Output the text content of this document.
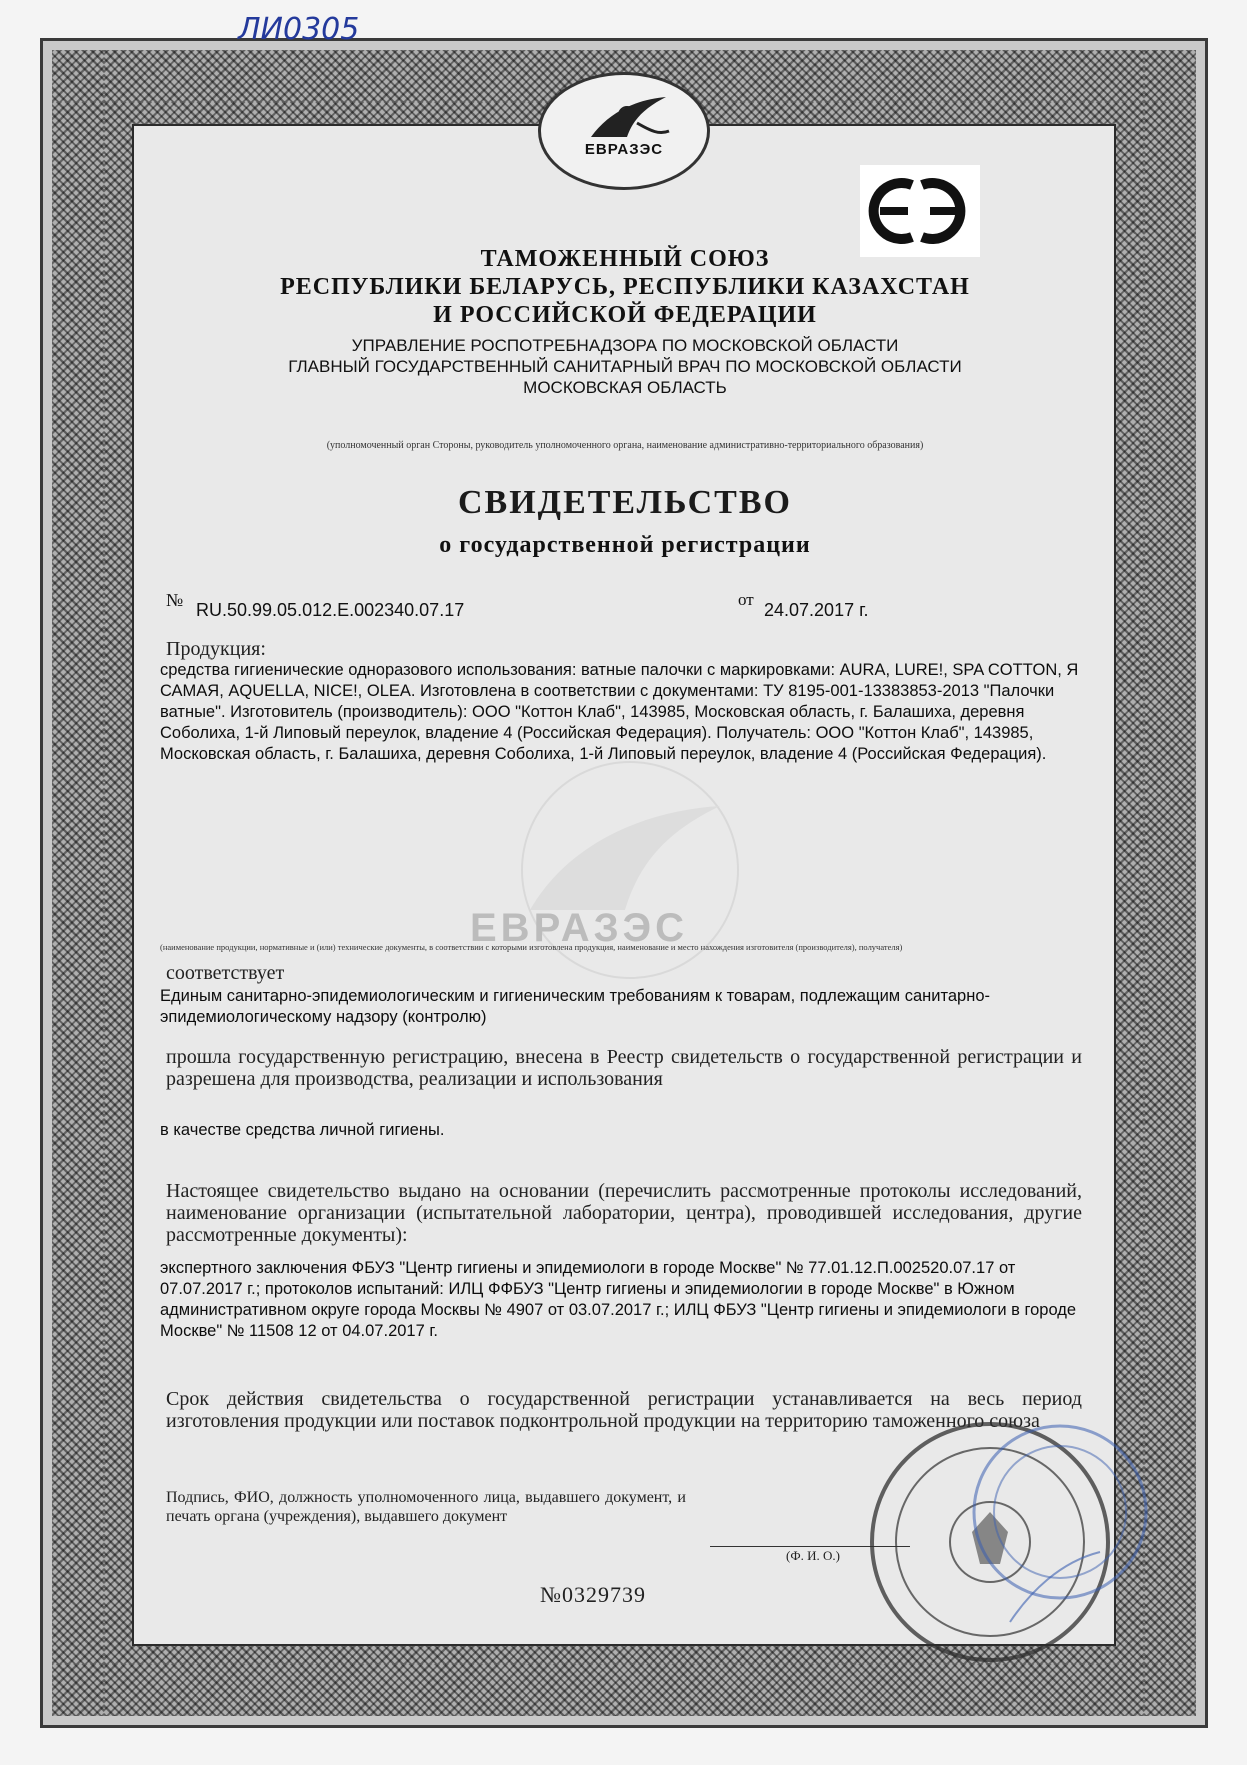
ЛИ0305
ЕВРАЗЭС
ЕВРАЗЭС
ТАМОЖЕННЫЙ СОЮЗ
РЕСПУБЛИКИ БЕЛАРУСЬ, РЕСПУБЛИКИ КАЗАХСТАН
И РОССИЙСКОЙ ФЕДЕРАЦИИ
УПРАВЛЕНИЕ РОСПОТРЕБНАДЗОРА ПО МОСКОВСКОЙ ОБЛАСТИ
ГЛАВНЫЙ ГОСУДАРСТВЕННЫЙ САНИТАРНЫЙ ВРАЧ ПО МОСКОВСКОЙ ОБЛАСТИ
МОСКОВСКАЯ ОБЛАСТЬ
(уполномоченный орган Стороны, руководитель уполномоченного органа, наименование административно-территориального образования)
СВИДЕТЕЛЬСТВО
о государственной регистрации
№ RU.50.99.05.012.E.002340.07.17
от
24.07.2017 г.
Продукция:
средства гигиенические одноразового использования: ватные палочки с маркировками: AURA, LURE!, SPA COTTON, Я САМАЯ, AQUELLA, NICE!, OLEA. Изготовлена в соответствии с документами: ТУ 8195-001-13383853-2013 "Палочки ватные". Изготовитель (производитель): ООО "Коттон Клаб", 143985, Московская область, г. Балашиха, деревня Соболиха, 1-й Липовый переулок, владение 4 (Российская Федерация). Получатель: ООО "Коттон Клаб", 143985, Московская область, г. Балашиха, деревня Соболиха, 1-й Липовый переулок, владение 4 (Российская Федерация).
(наименование продукции, нормативные и (или) технические документы, в соответствии с которыми изготовлена продукция, наименование и место нахождения изготовителя (производителя), получателя)
соответствует
Единым санитарно-эпидемиологическим и гигиеническим требованиям к товарам, подлежащим санитарно-эпидемиологическому надзору (контролю)
прошла государственную регистрацию, внесена в Реестр свидетельств о государственной регистрации и разрешена для производства, реализации и использования
в качестве средства личной гигиены.
Настоящее свидетельство выдано на основании (перечислить рассмотренные протоколы исследований, наименование организации (испытательной лаборатории, центра), проводившей исследования, другие рассмотренные документы):
экспертного заключения ФБУЗ "Центр гигиены и эпидемиологи в городе Москве" № 77.01.12.П.002520.07.17 от 07.07.2017 г.; протоколов испытаний: ИЛЦ ФФБУЗ "Центр гигиены и эпидемиологии в городе Москве" в Южном административном округе города Москвы № 4907 от 03.07.2017 г.; ИЛЦ ФБУЗ "Центр гигиены и эпидемиологи в городе Москве" № 11508 12 от 04.07.2017 г.
Срок действия свидетельства о государственной регистрации устанавливается на весь период изготовления продукции или поставок подконтрольной продукции на территорию таможенного союза
Подпись, ФИО, должность уполномоченного лица, выдавшего документ, и печать органа (учреждения), выдавшего документ
(Ф. И. О.)
№0329739
